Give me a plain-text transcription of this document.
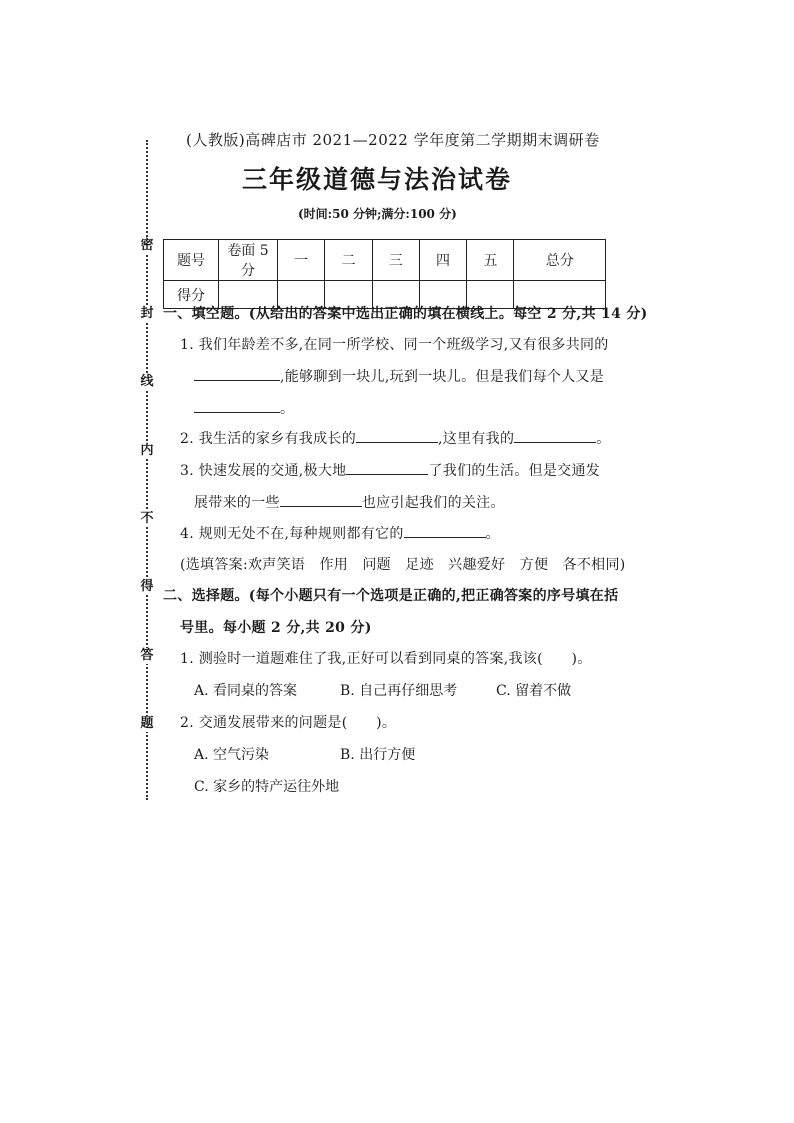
密
封
线
内
不
得
答
题
(人教版)高碑店市 2021—2022 学年度第二学期期末调研卷
三年级道德与法治试卷
(时间:50 分钟;满分:100 分)
题号	卷面 5 分	一	二	三	四	五	总分
得分							
一、填空题。(从给出的答案中选出正确的填在横线上。每空 2 分,共 14 分)
1. 我们年龄差不多,在同一所学校、同一个班级学习,又有很多共同的
,能够聊到一块儿,玩到一块儿。但是我们每个人又是
。
2. 我生活的家乡有我成长的	,这里有我的	。
3. 快速发展的交通,极大地	了我们的生活。但是交通发
展带来的一些	也应引起我们的关注。
4. 规则无处不在,每种规则都有它的	。
(选填答案:欢声笑语　作用　问题　足迹　兴趣爱好　方便　各不相同)
二、选择题。(每个小题只有一个选项是正确的,把正确答案的序号填在括
号里。每小题 2 分,共 20 分)
1. 测验时一道题难住了我,正好可以看到同桌的答案,我该(　　)。
A. 看同桌的答案	B. 自己再仔细思考	C. 留着不做
2. 交通发展带来的问题是(　　)。
A. 空气污染	B. 出行方便
C. 家乡的特产运往外地
